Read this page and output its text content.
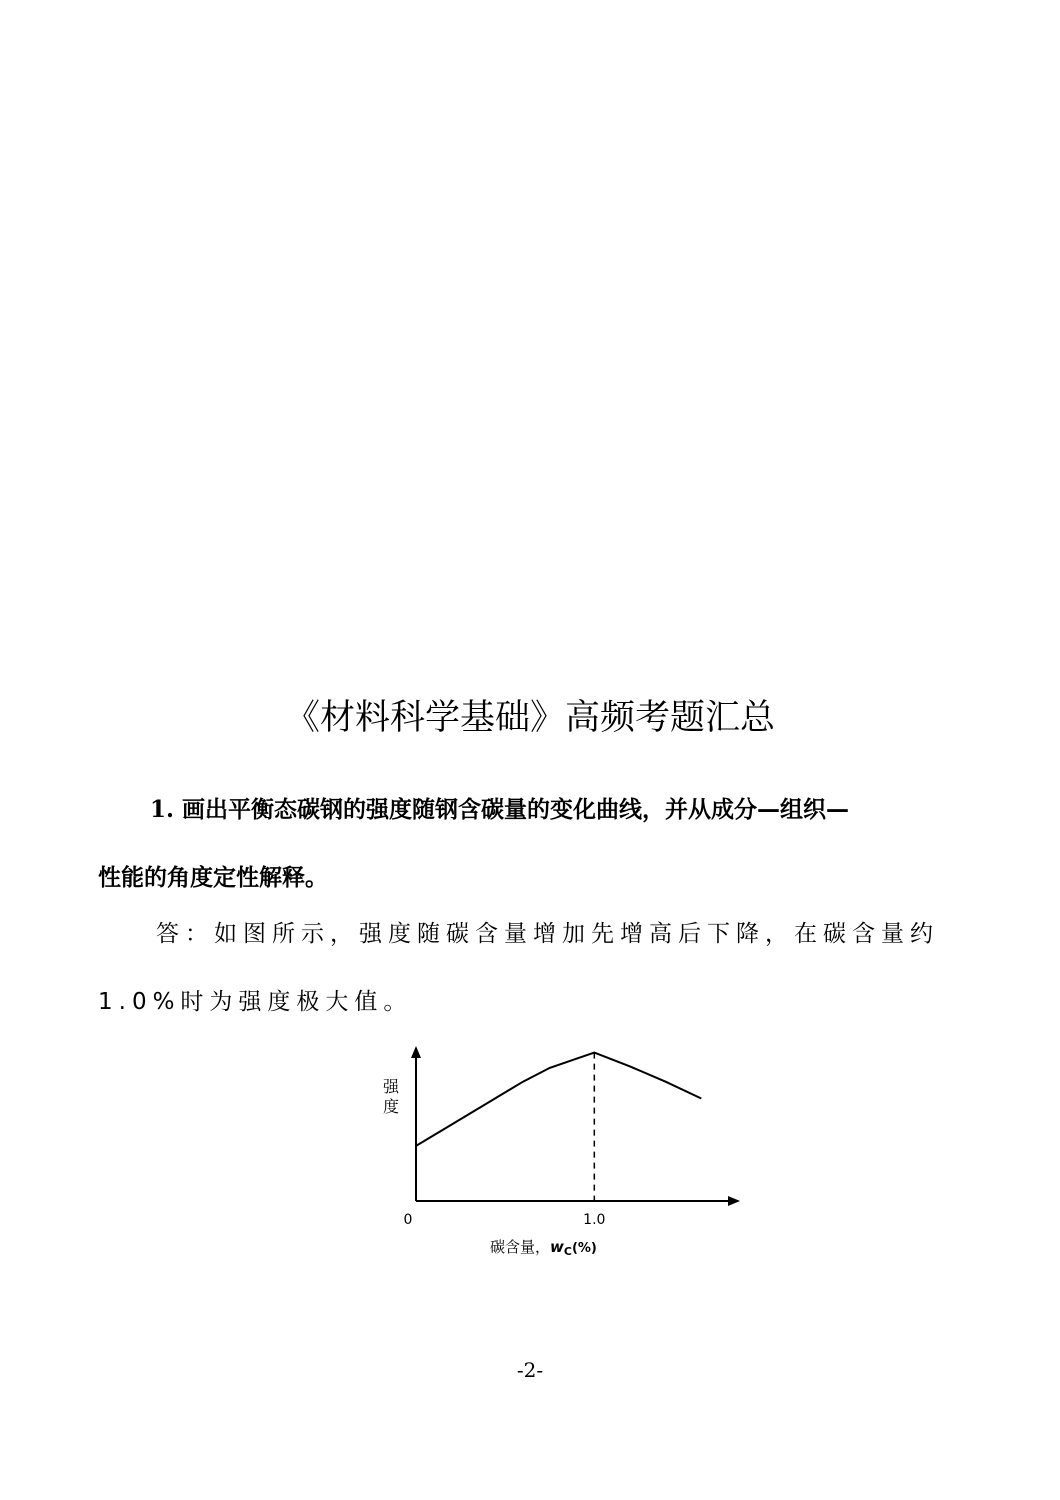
《材料科学基础》高频考题汇总
1. 画出平衡态碳钢的强度随钢含碳量的变化曲线，并从成分—组织—
性能的角度定性解释。
答：如图所示，强度随碳含量增加先增高后下降，在碳含量约
1.0%时为强度极大值。
强
度
0	1.0
碳含量，$w_C(\%)$
-2-
